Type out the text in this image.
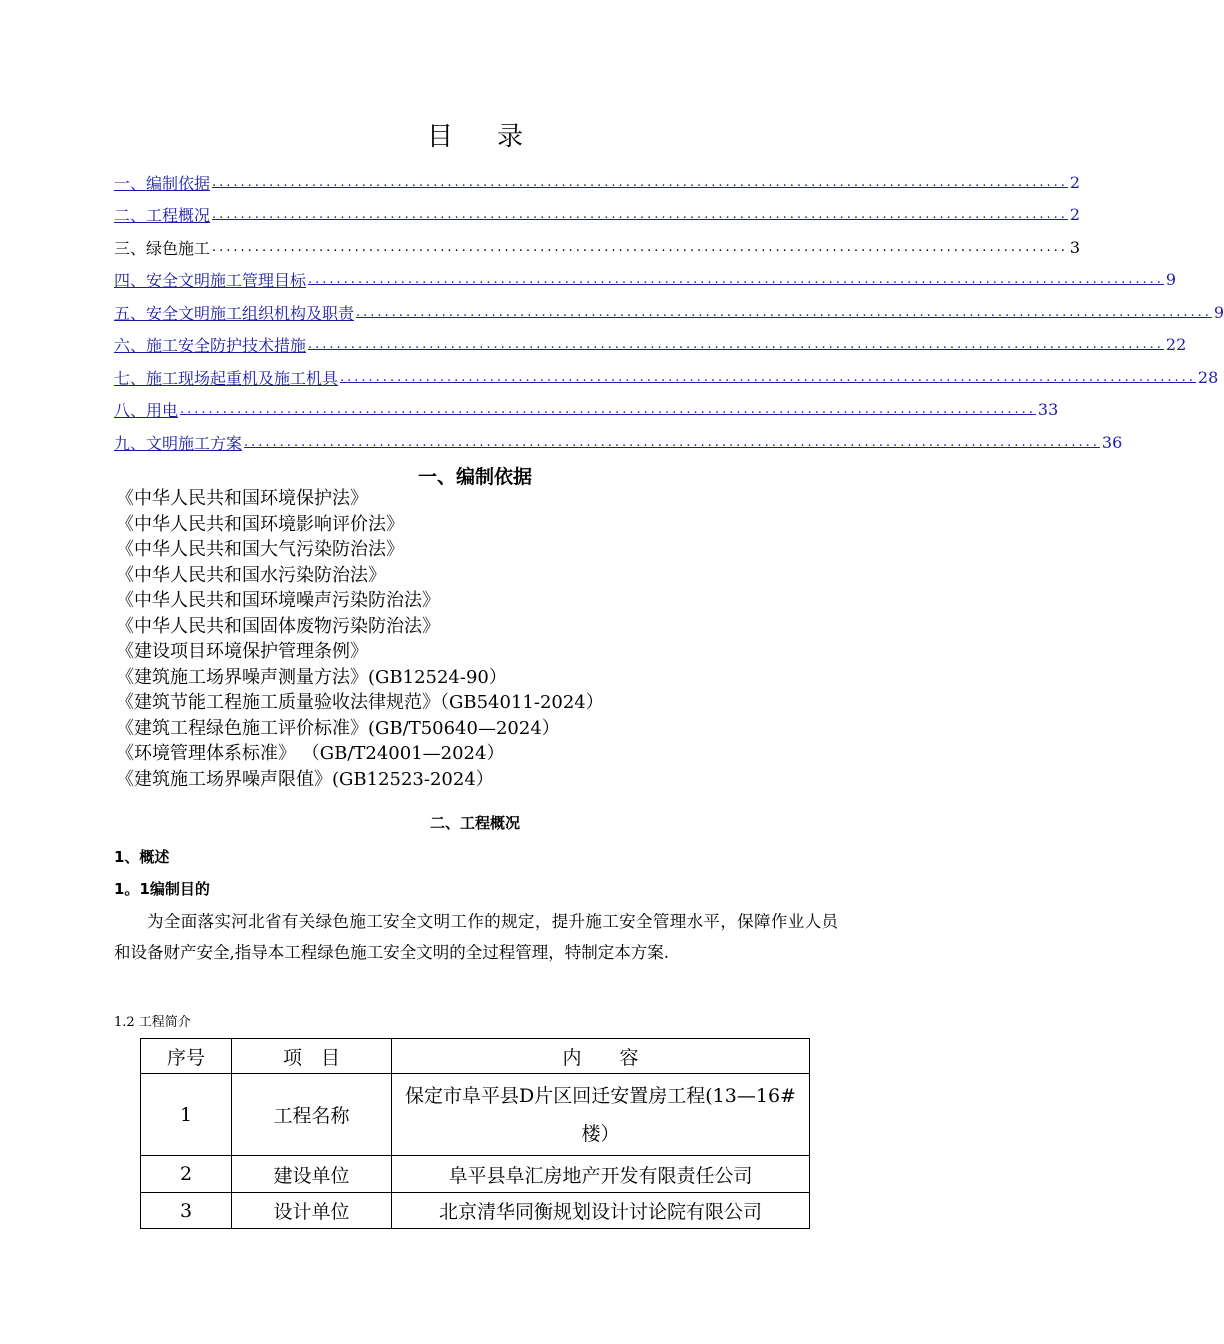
目 录
一、编制依据 ........................................................................................................................ 2
二、工程概况 ........................................................................................................................ 2
三、绿色施工 ........................................................................................................................ 3
四、安全文明施工管理目标 ........................................................................................................................ 9
五、安全文明施工组织机构及职责 ........................................................................................................................ 9
六、施工安全防护技术措施 ........................................................................................................................ 22
七、施工现场起重机及施工机具 ........................................................................................................................ 28
八、用电 ........................................................................................................................ 33
九、文明施工方案 ........................................................................................................................ 36
一、编制依据
《中华人民共和国环境保护法》
《中华人民共和国环境影响评价法》
《中华人民共和国大气污染防治法》
《中华人民共和国水污染防治法》
《中华人民共和国环境噪声污染防治法》
《中华人民共和国固体废物污染防治法》
《建设项目环境保护管理条例》
《建筑施工场界噪声测量方法》(GB12524-90）
《建筑节能工程施工质量验收法律规范》（GB54011-2024）
《建筑工程绿色施工评价标准》(GB/T50640—2024）
《环境管理体系标准》 （GB/T24001—2024）
《建筑施工场界噪声限值》(GB12523-2024）
二、工程概况
1、概述
1。1编制目的
为全面落实河北省有关绿色施工安全文明工作的规定，提升施工安全管理水平，保障作业人员和设备财产安全,指导本工程绿色施工安全文明的全过程管理，特制定本方案.
1.2 工程简介
序号	项　目	内　　容
1	工程名称	保定市阜平县D片区回迁安置房工程(13—16#楼）
2	建设单位	阜平县阜汇房地产开发有限责任公司
3	设计单位	北京清华同衡规划设计讨论院有限公司
